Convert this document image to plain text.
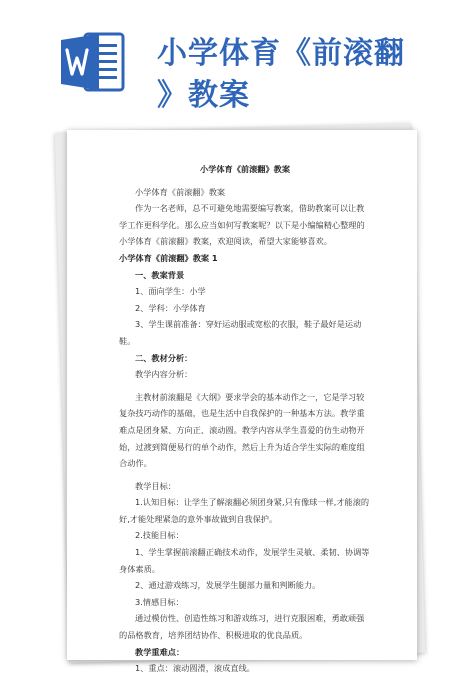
小学体育《前滚翻
》教案

小学体育《前滚翻》教案

小学体育《前滚翻》教案

作为一名老师，总不可避免地需要编写教案，借助教案可以让教学工作更科学化。那么应当如何写教案呢？以下是小编编精心整理的小学体育《前滚翻》教案，欢迎阅读，希望大家能够喜欢。

小学体育《前滚翻》教案 1

一、教案背景

1、面向学生：小学

2、学科：小学体育

3、学生课前准备：穿好运动服或宽松的衣服，鞋子最好是运动鞋。

二、教材分析：

教学内容分析：

主教材前滚翻是《大纲》要求学会的基本动作之一，它是学习较复杂技巧动作的基础，也是生活中自我保护的一种基本方法。教学重难点是团身紧、方向正、滚动圆。教学内容从学生喜爱的仿生动物开始，过渡到简便易行的单个动作，然后上升为适合学生实际的难度组合动作。

教学目标：

1.认知目标：让学生了解滚翻必须团身紧,只有像球一样,才能滚的好,才能处理紧急的意外事故做到自我保护。

2.技能目标：

1、学生掌握前滚翻正确技术动作，发展学生灵敏、柔韧、协调等身体素质。

2、通过游戏练习，发展学生腿部力量和判断能力。

3.情感目标：

通过模仿性、创造性练习和游戏练习，进行克服困难，勇敢顽强的品格教育，培养团结协作、积极进取的优良品质。

教学重难点：

1、重点：滚动圆滑，滚成直线。
